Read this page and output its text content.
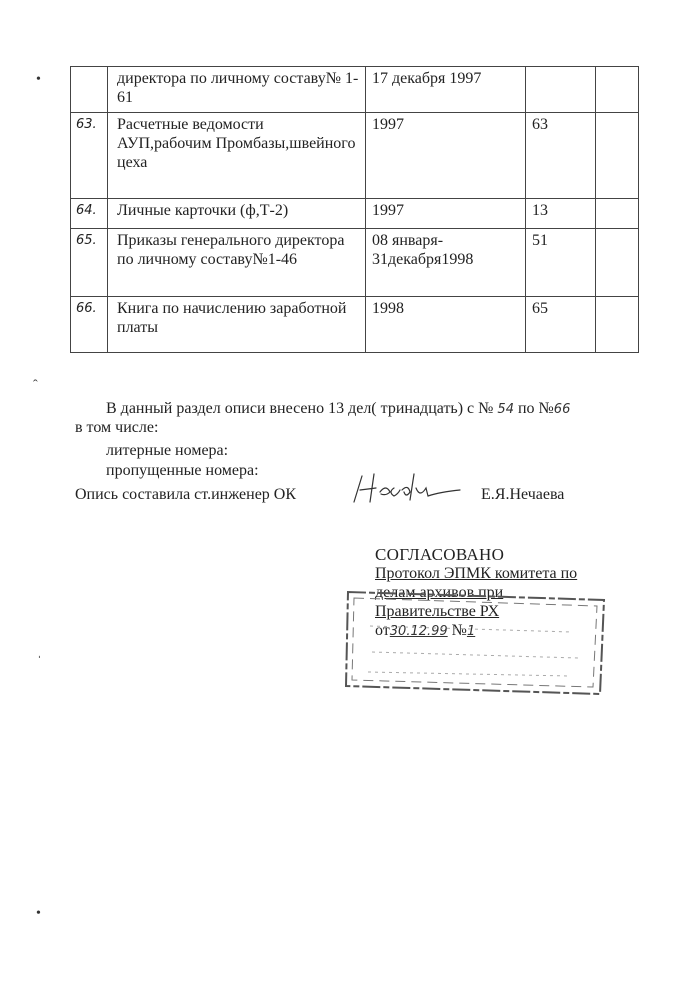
	директора по личному составу№ 1-61	17 декабря 1997		
63.	Расчетные ведомости АУП,рабочим Промбазы,швейного цеха	1997	63	
64.	Личные карточки (ф,Т-2)	1997	13	
65.	Приказы генерального директора по личному составу№1-46	08 января- 31декабря1998	51	
66.	Книга по начислению заработной платы	1998	65	
В данный раздел описи внесено 13 дел( тринадцать) с № 54 по №66
в том числе:
литерные номера:
пропущенные номера:
Опись составила ст.инженер ОК	Е.Я.Нечаева
СОГЛАСОВАНО
Протокол ЭПМК комитета по
делам архивов при
Правительстве РХ
от30.12.99 №1
•
ˆ
ˌ
•
